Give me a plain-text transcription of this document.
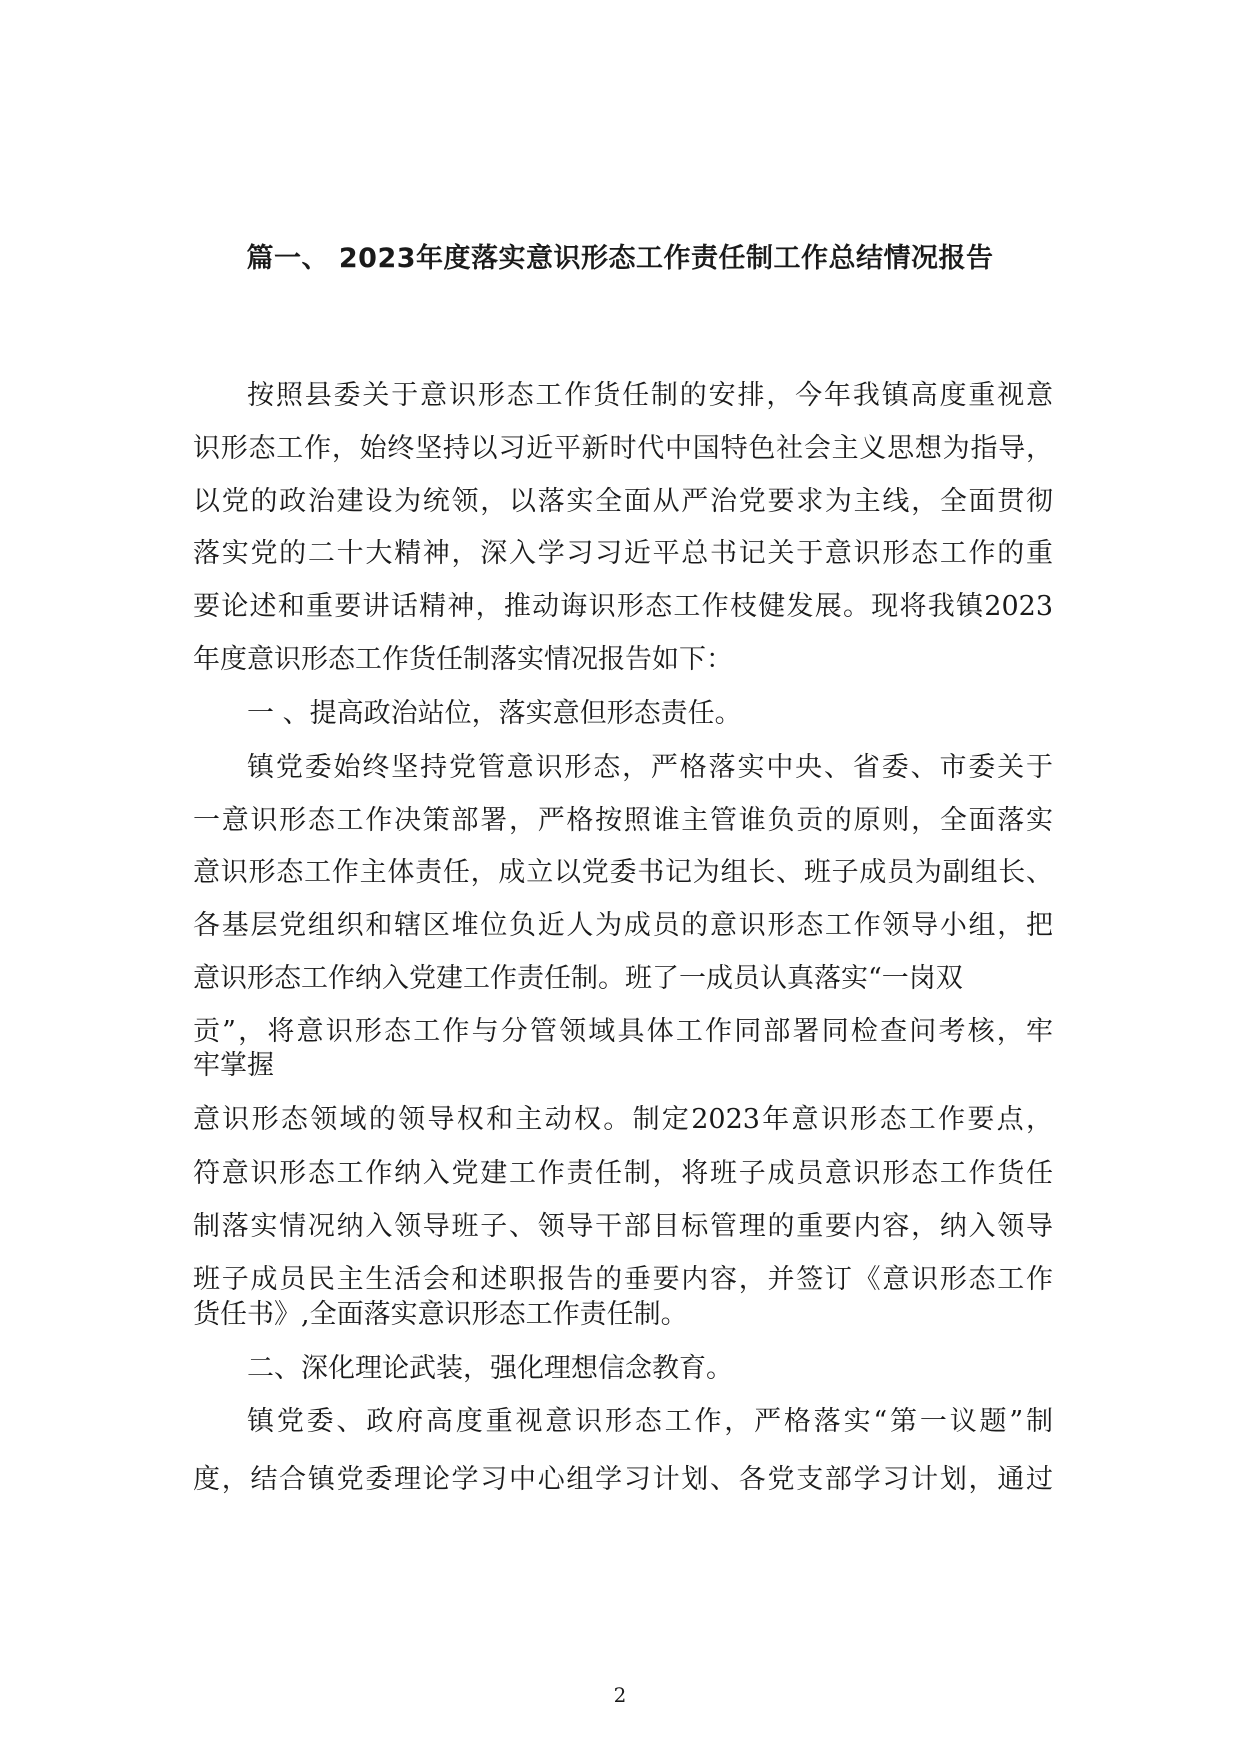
篇一、 2023年度落实意识形态工作责任制工作总结情况报告
按照县委关于意识形态工作货任制的安排，今年我镇高度重视意
识形态工作，始终坚持以习近平新时代中国特色社会主义思想为指导，
以党的政治建设为统领，以落实全面从严治党要求为主线，全面贯彻
落实党的二十大精神，深入学习习近平总书记关于意识形态工作的重
要论述和重要讲话精神，推动诲识形态工作枝健发展。现将我镇2023
年度意识形态工作货任制落实情况报告如下：
一 、提高政治站位，落实意但形态责任。
镇党委始终坚持党管意识形态，严格落实中央、省委、市委关于
一意识形态工作决策部署，严格按照谁主管谁负贡的原则，全面落实
意识形态工作主体责任，成立以党委书记为组长、班子成员为副组长、
各基层党组织和辖区堆位负近人为成员的意识形态工作领导小组，把
意识形态工作纳入党建工作责任制。班了一成员认真落实“一岗双
贡”，将意识形态工作与分管领域具体工作同部署同检查问考核，牢
牢掌握
意识形态领域的领导权和主动权。制定2023年意识形态工作要点，
符意识形态工作纳入党建工作责任制，将班子成员意识形态工作货任
制落实情况纳入领导班子、领导干部目标管理的重要内容，纳入领导
班子成员民主生活会和述职报告的垂要内容，并签订《意识形态工作
货任书》,全面落实意识形态工作责任制。
二、深化理论武装，强化理想信念教育。
镇党委、政府高度重视意识形态工作，严格落实“第一议题”制
度，结合镇党委理论学习中心组学习计划、各党支部学习计划，通过
2
